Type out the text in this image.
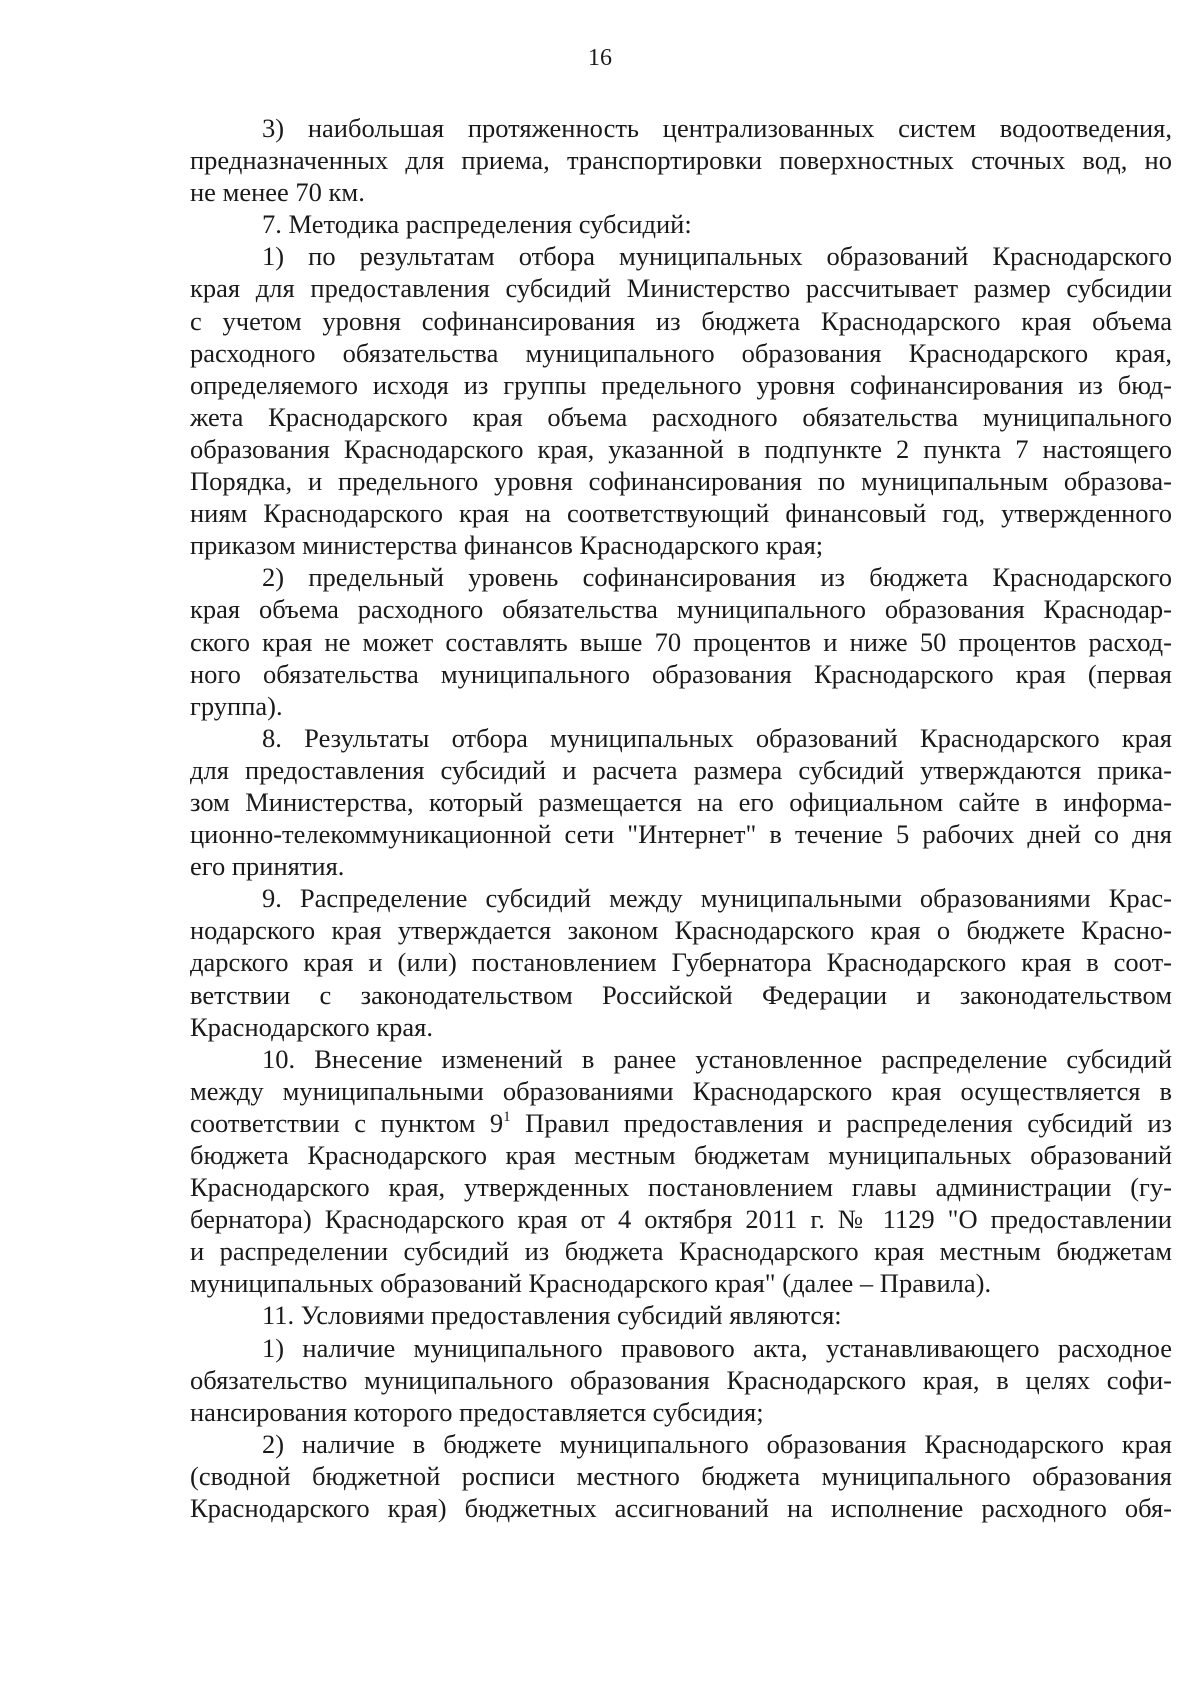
16
3) наибольшая протяженность централизованных систем водоотведения,
предназначенных для приема, транспортировки поверхностных сточных вод, но
не менее 70 км.
7. Методика распределения субсидий:
1) по результатам отбора муниципальных образований Краснодарского
края для предоставления субсидий Министерство рассчитывает размер субсидии
с учетом уровня софинансирования из бюджета Краснодарского края объема
расходного обязательства муниципального образования Краснодарского края,
определяемого исходя из группы предельного уровня софинансирования из бюд-
жета Краснодарского края объема расходного обязательства муниципального
образования Краснодарского края, указанной в подпункте 2 пункта 7 настоящего
Порядка, и предельного уровня софинансирования по муниципальным образова-
ниям Краснодарского края на соответствующий финансовый год, утвержденного
приказом министерства финансов Краснодарского края;
2) предельный уровень софинансирования из бюджета Краснодарского
края объема расходного обязательства муниципального образования Краснодар-
ского края не может составлять выше 70 процентов и ниже 50 процентов расход-
ного обязательства муниципального образования Краснодарского края (первая
группа).
8. Результаты отбора муниципальных образований Краснодарского края
для предоставления субсидий и расчета размера субсидий утверждаются прика-
зом Министерства, который размещается на его официальном сайте в информа-
ционно-телекоммуникационной сети "Интернет" в течение 5 рабочих дней со дня
его принятия.
9. Распределение субсидий между муниципальными образованиями Крас-
нодарского края утверждается законом Краснодарского края о бюджете Красно-
дарского края и (или) постановлением Губернатора Краснодарского края в соот-
ветствии с законодательством Российской Федерации и законодательством
Краснодарского края.
10. Внесение изменений в ранее установленное распределение субсидий
между муниципальными образованиями Краснодарского края осуществляется в
соответствии с пунктом $9^1$ Правил предоставления и распределения субсидий из
бюджета Краснодарского края местным бюджетам муниципальных образований
Краснодарского края, утвержденных постановлением главы администрации (гу-
бернатора) Краснодарского края от 4 октября 2011 г. № 1129 "О предоставлении
и распределении субсидий из бюджета Краснодарского края местным бюджетам
муниципальных образований Краснодарского края" (далее – Правила).
11. Условиями предоставления субсидий являются:
1) наличие муниципального правового акта, устанавливающего расходное
обязательство муниципального образования Краснодарского края, в целях софи-
нансирования которого предоставляется субсидия;
2) наличие в бюджете муниципального образования Краснодарского края
(сводной бюджетной росписи местного бюджета муниципального образования
Краснодарского края) бюджетных ассигнований на исполнение расходного обя-
